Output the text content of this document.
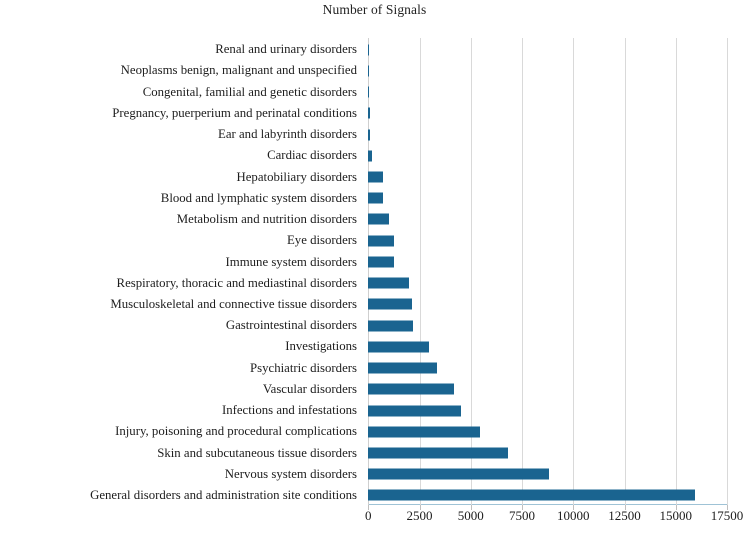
Number of Signals
Renal and urinary disorders
Neoplasms benign, malignant and unspecified
Congenital, familial and genetic disorders
Pregnancy, puerperium and perinatal conditions
Ear and labyrinth disorders
Cardiac disorders
Hepatobiliary disorders
Blood and lymphatic system disorders
Metabolism and nutrition disorders
Eye disorders
Immune system disorders
Respiratory, thoracic and mediastinal disorders
Musculoskeletal and connective tissue disorders
Gastrointestinal disorders
Investigations
Psychiatric disorders
Vascular disorders
Infections and infestations
Injury, poisoning and procedural complications
Skin and subcutaneous tissue disorders
Nervous system disorders
General disorders and administration site conditions
0	2500 5000 7500 10000 12500 15000 17500
